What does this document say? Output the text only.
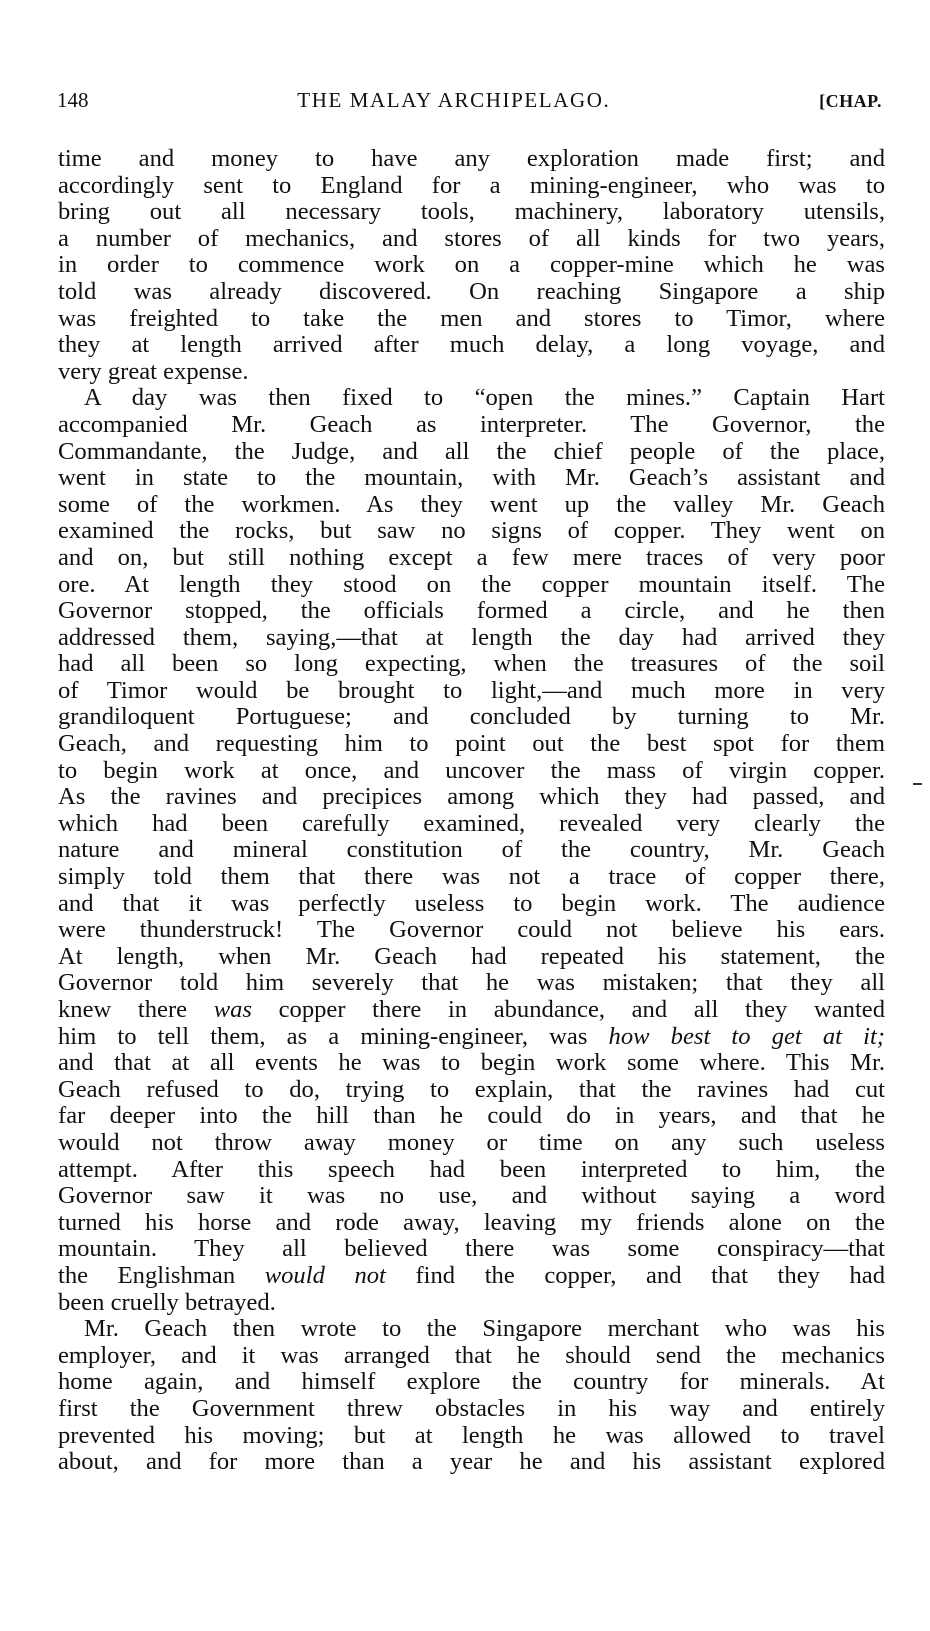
148	THE MALAY ARCHIPELAGO.	[CHAP.
time and money to have any exploration made first; and
accordingly sent to England for a mining-engineer, who was to
bring out all necessary tools, machinery, laboratory utensils,
a number of mechanics, and stores of all kinds for two years,
in order to commence work on a copper-mine which he was
told was already discovered. On reaching Singapore a ship
was freighted to take the men and stores to Timor, where
they at length arrived after much delay, a long voyage, and
very great expense.
A day was then fixed to “open the mines.” Captain Hart
accompanied Mr. Geach as interpreter. The Governor, the
Commandante, the Judge, and all the chief people of the place,
went in state to the mountain, with Mr. Geach’s assistant and
some of the workmen. As they went up the valley Mr. Geach
examined the rocks, but saw no signs of copper. They went on
and on, but still nothing except a few mere traces of very poor
ore. At length they stood on the copper mountain itself. The
Governor stopped, the officials formed a circle, and he then
addressed them, saying,—that at length the day had arrived they
had all been so long expecting, when the treasures of the soil
of Timor would be brought to light,—and much more in very
grandiloquent Portuguese; and concluded by turning to Mr.
Geach, and requesting him to point out the best spot for them
to begin work at once, and uncover the mass of virgin copper.
As the ravines and precipices among which they had passed, and
which had been carefully examined, revealed very clearly the
nature and mineral constitution of the country, Mr. Geach
simply told them that there was not a trace of copper there,
and that it was perfectly useless to begin work. The audience
were thunderstruck! The Governor could not believe his ears.
At length, when Mr. Geach had repeated his statement, the
Governor told him severely that he was mistaken; that they all
knew there was copper there in abundance, and all they wanted
him to tell them, as a mining-engineer, was how best to get at it;
and that at all events he was to begin work some where. This Mr.
Geach refused to do, trying to explain, that the ravines had cut
far deeper into the hill than he could do in years, and that he
would not throw away money or time on any such useless
attempt. After this speech had been interpreted to him, the
Governor saw it was no use, and without saying a word
turned his horse and rode away, leaving my friends alone on the
mountain. They all believed there was some conspiracy—that
the Englishman would not find the copper, and that they had
been cruelly betrayed.
Mr. Geach then wrote to the Singapore merchant who was his
employer, and it was arranged that he should send the mechanics
home again, and himself explore the country for minerals. At
first the Government threw obstacles in his way and entirely
prevented his moving; but at length he was allowed to travel
about, and for more than a year he and his assistant explored
